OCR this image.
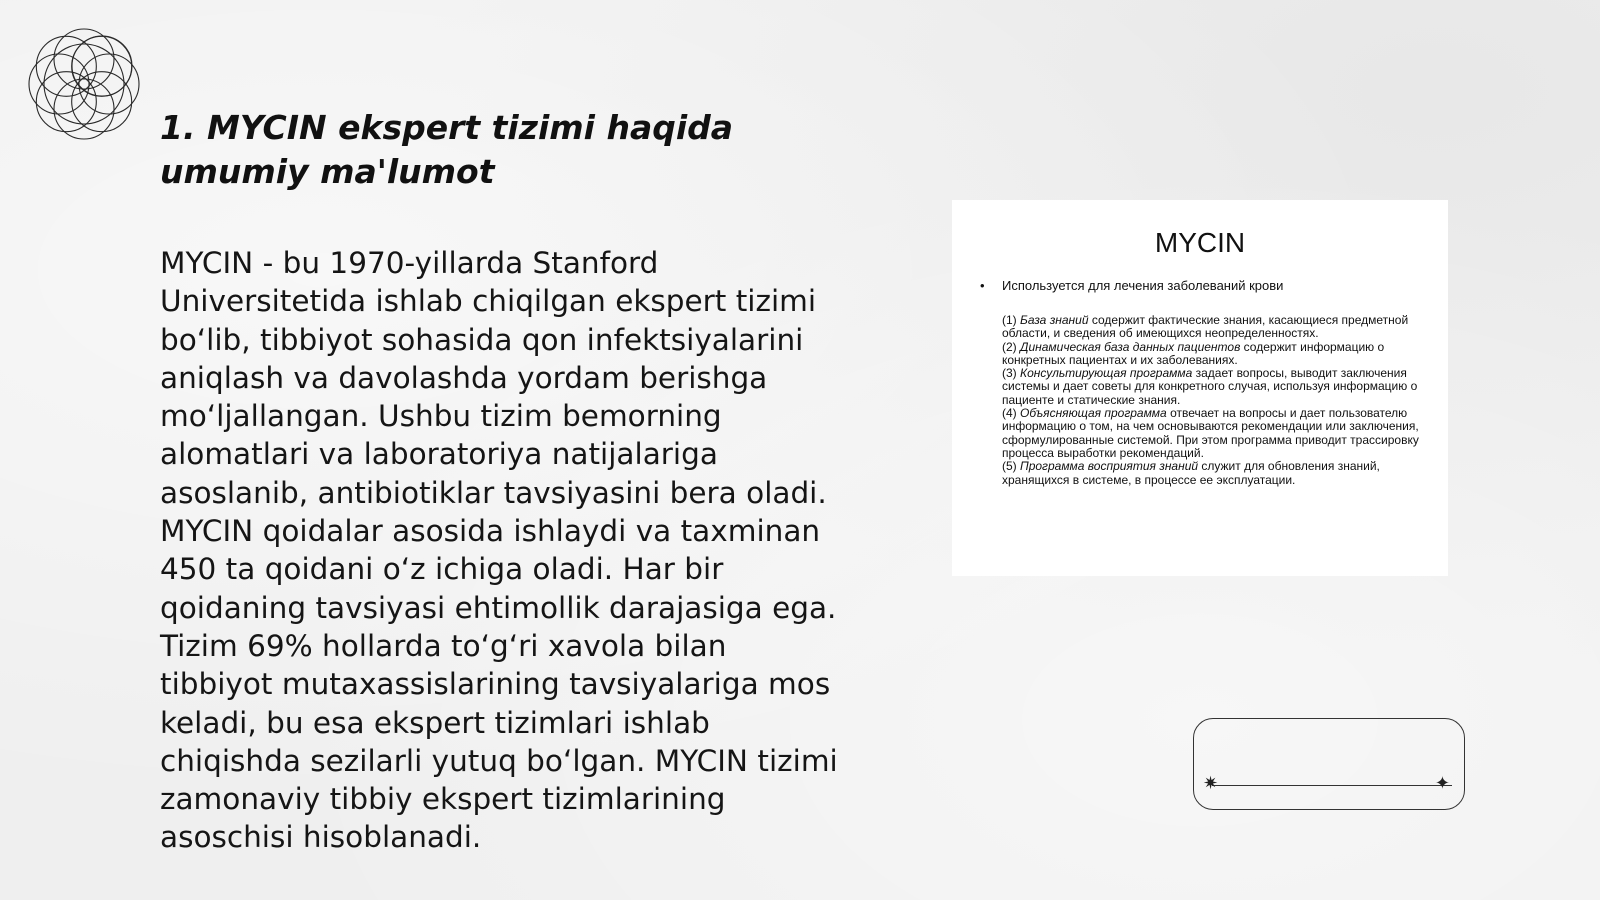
1. MYCIN ekspert tizimi haqida umumiy ma'lumot

MYCIN - bu 1970-yillarda Stanford Universitetida ishlab chiqilgan ekspert tizimi bo‘lib, tibbiyot sohasida qon infektsiyalarini aniqlash va davolashda yordam berishga mo‘ljallangan. Ushbu tizim bemorning alomatlari va laboratoriya natijalariga asoslanib, antibiotiklar tavsiyasini bera oladi. MYCIN qoidalar asosida ishlaydi va taxminan 450 ta qoidani o‘z ichiga oladi. Har bir qoidaning tavsiyasi ehtimollik darajasiga ega. Tizim 69% hollarda to‘g‘ri xavola bilan tibbiyot mutaxassislarining tavsiyalariga mos keladi, bu esa ekspert tizimlari ishlab chiqishda sezilarli yutuq bo‘lgan. MYCIN tizimi zamonaviy tibbiy ekspert tizimlarining asoschisi hisoblanadi.

MYCIN
• Используется для лечения заболеваний крови
(1) База знаний содержит фактические знания, касающиеся предметной области, и сведения об имеющихся неопределенностях.
(2) Динамическая база данных пациентов содержит информацию о конкретных пациентах и их заболеваниях.
(3) Консультирующая программа задает вопросы, выводит заключения системы и дает советы для конкретного случая, используя информацию о пациенте и статические знания.
(4) Объясняющая программа отвечает на вопросы и дает пользователю информацию о том, на чем основываются рекомендации или заключения, сформулированные системой. При этом программа приводит трассировку процесса выработки рекомендаций.
(5) Программа восприятия знаний служит для обновления знаний, хранящихся в системе, в процессе ее эксплуатации.
✷	✦
